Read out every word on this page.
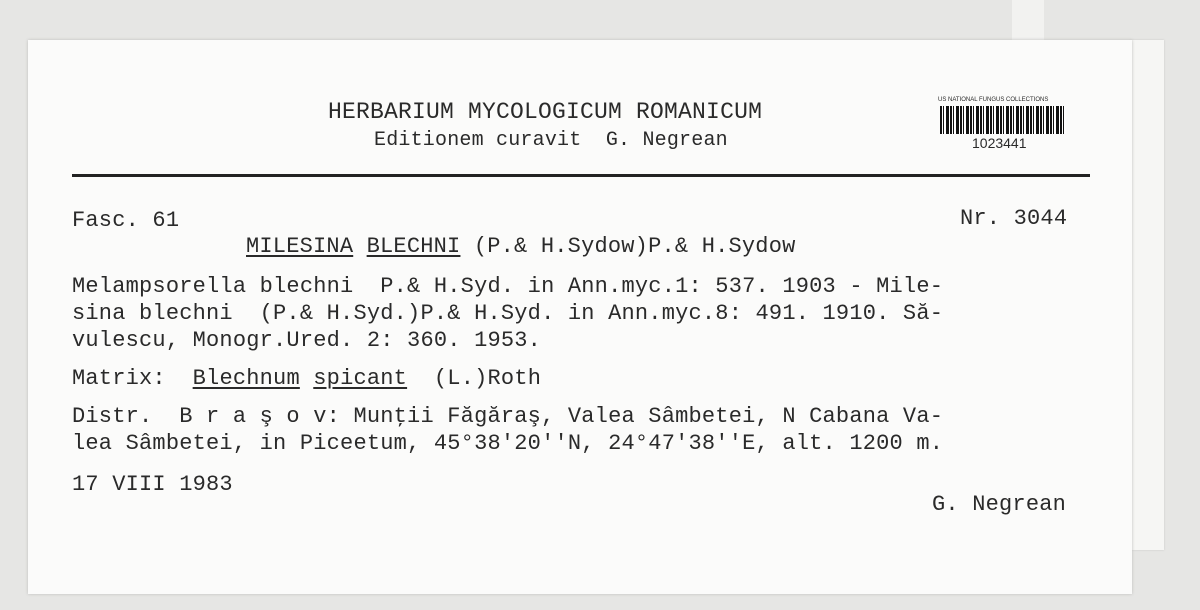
HERBARIUM MYCOLOGICUM ROMANICUM
Editionem curavit  G. Negrean
US NATIONAL FUNGUS COLLECTIONS
1023441
Fasc. 61	Nr. 3044
MILESINA BLECHNI (P.& H.Sydow)P.& H.Sydow
Melampsorella blechni  P.& H.Syd. in Ann.myc.1: 537. 1903 - Mile-
sina blechni  (P.& H.Syd.)P.& H.Syd. in Ann.myc.8: 491. 1910. Să-
vulescu, Monogr.Ured. 2: 360. 1953.
Matrix: Blechnum spicant  (L.)Roth
Distr.  B r a ş o v: Munţii Făgăraş, Valea Sâmbetei, N Cabana Va-
lea Sâmbetei, in Piceetum, 45°38'20''N, 24°47'38''E, alt. 1200 m.
17 VIII 1983
G. Negrean
